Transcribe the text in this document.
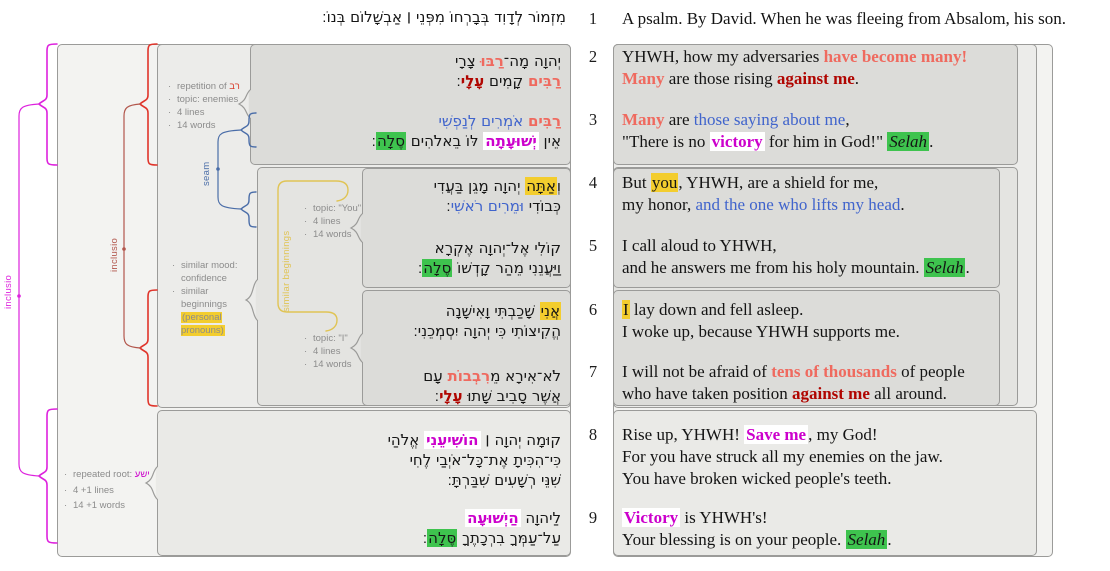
inclusio
inclusio
seam
similar beginnings
מִזְמוֹר לְדָוִד בְּבָרְחוֹ מִפְּנֵי ׀ אַבְשָׁלוֹם בְּנוֹ׃	1	A psalm. By David. When he was fleeing from Absalom, his son.
· repetition of רב
· topic: enemies
· 4 lines
· 14 words
· similar mood: confidence
· similar beginnings (personal pronouns)
· topic: "You"
· 4 lines
· 14 words
· topic: "I"
· 4 lines
· 14 words
· repeated root: ישע
· 4 +1 lines
· 14 +1 words
יְהוָה מָה־רַבּוּ צָרָי
רַבִּים קָמִים עָלָי׃
2	YHWH, how my adversaries have become many!
Many are those rising against me.
רַבִּים אֹמְרִים לְנַפְשִׁי
אֵין יְשׁוּעָתָה לּוֹ בֵאלֹהִים סֶלָה׃
3	Many are those saying about me,
"There is no victory for him in God!" Selah .
וְאַתָּה יְהוָה מָגֵן בַּעֲדִי
כְּבוֹדִי וּמֵרִים רֹאשִׁי׃
4	But you, YHWH, are a shield for me,
my honor, and the one who lifts my head.
קוֹלִי אֶל־יְהוָה אֶקְרָא
וַיַּעֲנֵנִי מֵהַר קָדְשׁוֹ סֶלָה׃
5	I call aloud to YHWH,
and he answers me from his holy mountain. Selah .
אֲנִי שָׁכַבְתִּי וָאִישָׁנָה
הֱקִיצוֹתִי כִּי יְהוָה יִסְמְכֵנִי׃
6	I lay down and fell asleep.
I woke up, because YHWH supports me.
לֹא־אִירָא מֵרִבְבוֹת עָם
אֲשֶׁר סָבִיב שָׁתוּ עָלָי׃
7	I will not be afraid of tens of thousands of people
who have taken position against me all around.
קוּמָה יְהוָה ׀ הוֹשִׁיעֵנִי אֱלֹהַי
כִּי־הִכִּיתָ אֶת־כָּל־אֹיְבַי לֶחִי
שִׁנֵּי רְשָׁעִים שִׁבַּרְתָּ׃
8	Rise up, YHWH! Save me , my God!
For you have struck all my enemies on the jaw.
You have broken wicked people's teeth.
לַיהוָה הַיְשׁוּעָה
עַל־עַמְּךָ בִרְכָתֶךָ סֶּלָה׃
9	Victory is YHWH's!
Your blessing is on your people. Selah .
